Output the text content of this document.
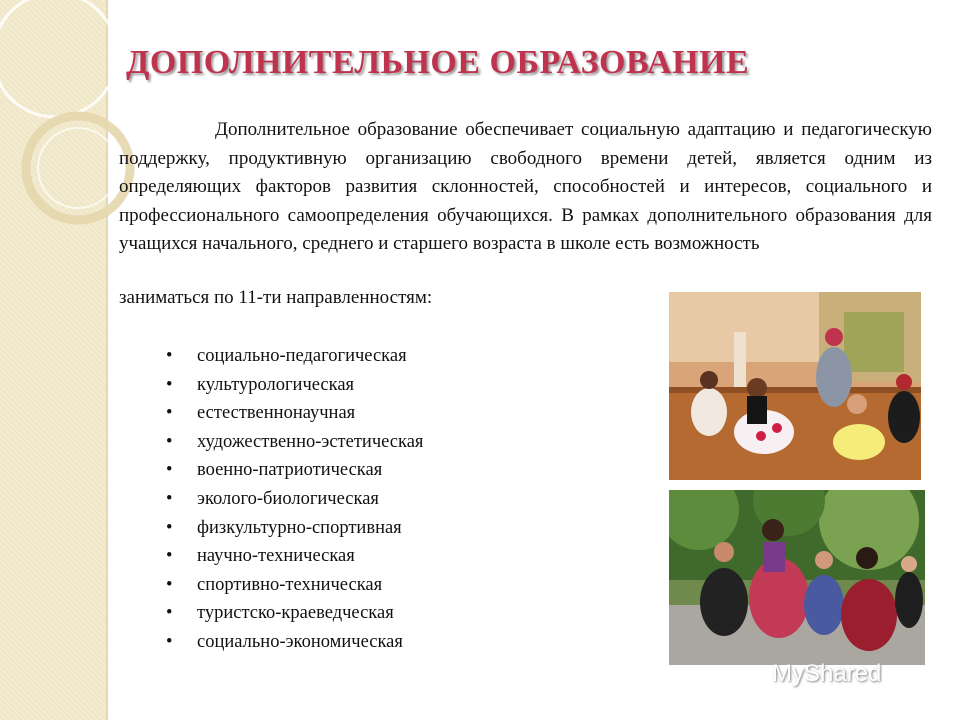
ДОПОЛНИТЕЛЬНОЕ ОБРАЗОВАНИЕ

Дополнительное образование обеспечивает социальную адаптацию и педагогическую поддержку, продуктивную организацию свободного времени детей, является одним из определяющих факторов развития склонностей, способностей и интересов, социального и профессионального самоопределения обучающихся. В рамках дополнительного образования для учащихся начального, среднего и старшего возраста в школе есть возможность

заниматься по 11-ти направленностям:
• социально-педагогическая
• культурологическая
• естественнонаучная
• художественно-эстетическая
• военно-патриотическая
• эколого-биологическая
• физкультурно-спортивная
• научно-техническая
• спортивно-техническая
• туристско-краеведческая
• социально-экономическая
MyShared
